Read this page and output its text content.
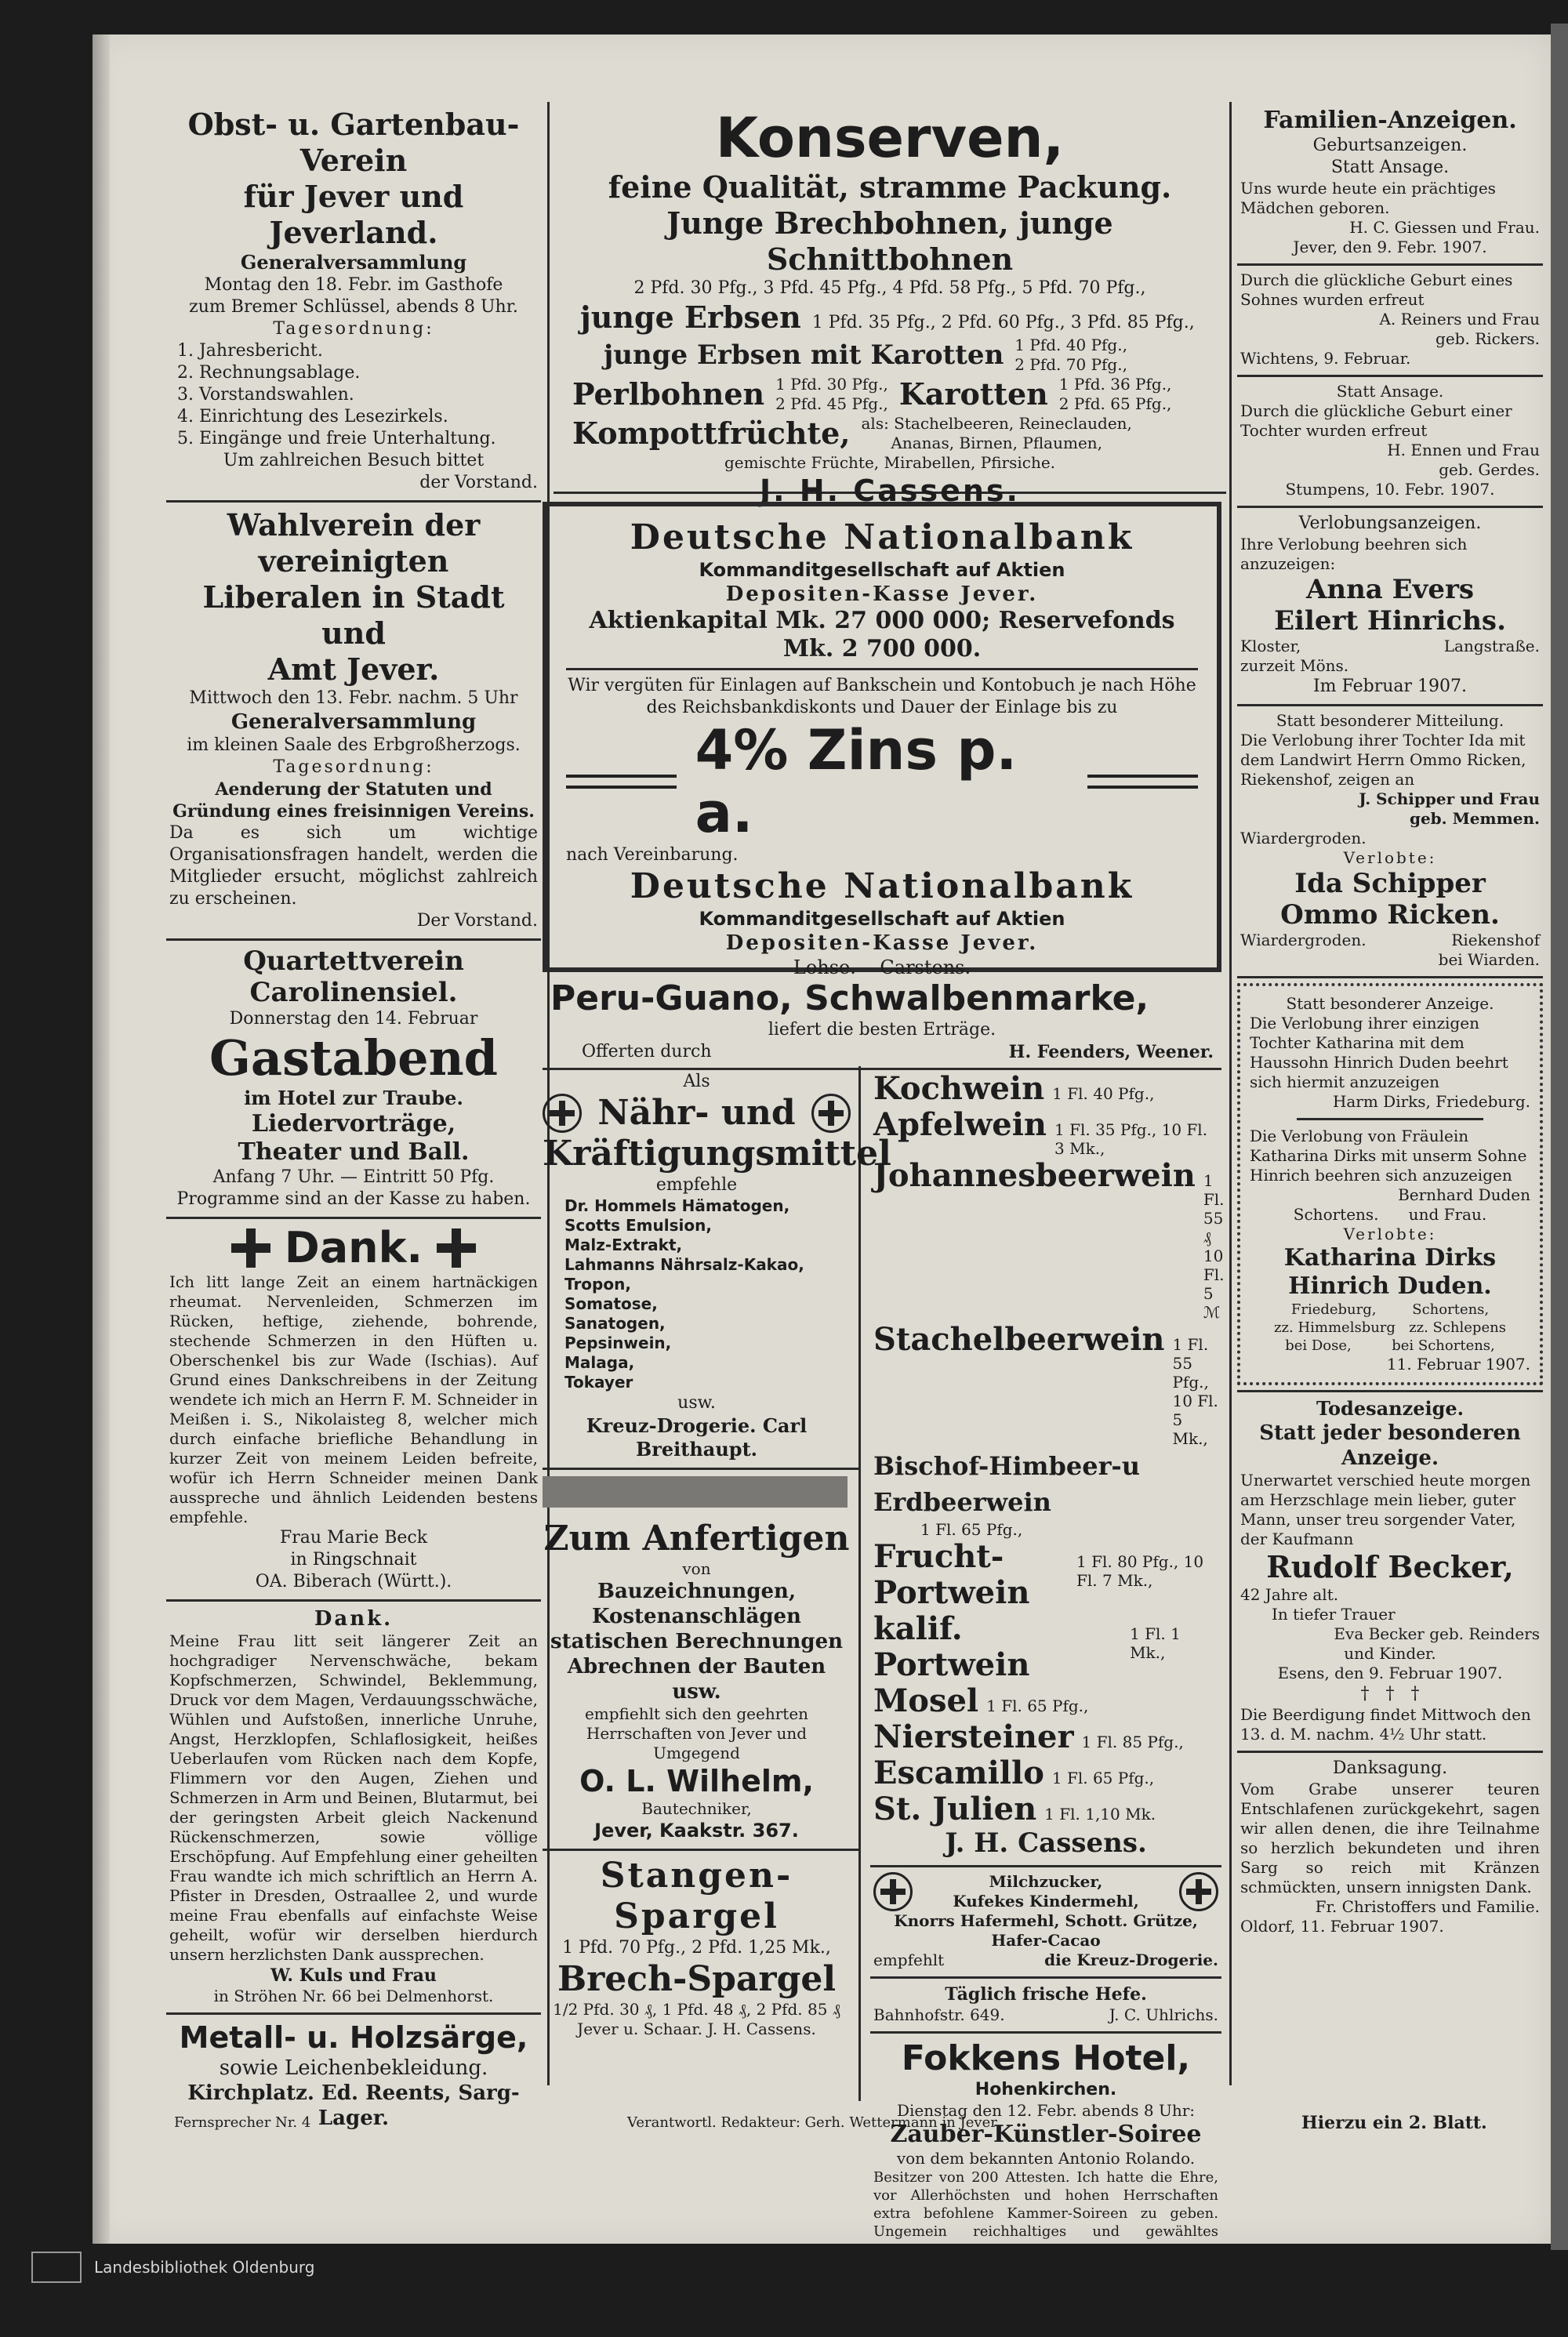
Obst- u. Gartenbau-Verein
für Jever und Jeverland.
Generalversammlung
Montag den 18. Febr. im Gasthofe
zum Bremer Schlüssel, abends 8 Uhr.
Tagesordnung:
1. Jahresbericht.
2. Rechnungsablage.
3. Vorstandswahlen.
4. Einrichtung des Lesezirkels.
5. Eingänge und freie Unterhaltung.
Um zahlreichen Besuch bittet
der Vorstand.
Wahlverein der vereinigten
Liberalen in Stadt und
Amt Jever.
Mittwoch den 13. Febr. nachm. 5 Uhr
Generalversammlung
im kleinen Saale des Erbgroßherzogs.
Tagesordnung:
Aenderung der Statuten und Gründung eines freisinnigen Vereins.
Da es sich um wichtige Organisationsfragen handelt, werden die Mitglieder ersucht, möglichst zahlreich zu erscheinen.
Der Vorstand.
Quartettverein Carolinensiel.
Donnerstag den 14. Februar
Gastabend
im Hotel zur Traube.
Liedervorträge,
Theater und Ball.
Anfang 7 Uhr. — Eintritt 50 Pfg.
Programme sind an der Kasse zu haben.
Dank.
Ich litt lange Zeit an einem hartnäckigen rheumat. Nervenleiden, Schmerzen im Rücken, heftige, ziehende, bohrende, stechende Schmerzen in den Hüften u. Oberschenkel bis zur Wade (Ischias). Auf Grund eines Dankschreibens in der Zeitung wendete ich mich an Herrn F. M. Schneider in Meißen i. S., Nikolaisteg 8, welcher mich durch einfache briefliche Behandlung in kurzer Zeit von meinem Leiden befreite, wofür ich Herrn Schneider meinen Dank ausspreche und ähnlich Leidenden bestens empfehle.
Frau Marie Beck
in Ringschnait
OA. Biberach (Württ.).
Dank.
Meine Frau litt seit längerer Zeit an hochgradiger Nervenschwäche, bekam Kopfschmerzen, Schwindel, Beklemmung, Druck vor dem Magen, Verdauungsschwäche, Wühlen und Aufstoßen, innerliche Unruhe, Angst, Herzklopfen, Schlaflosigkeit, heißes Ueberlaufen vom Rücken nach dem Kopfe, Flimmern vor den Augen, Ziehen und Schmerzen in Arm und Beinen, Blutarmut, bei der geringsten Arbeit gleich Nackenund Rückenschmerzen, sowie völlige Erschöpfung. Auf Empfehlung einer geheilten Frau wandte ich mich schriftlich an Herrn A. Pfister in Dresden, Ostraallee 2, und wurde meine Frau ebenfalls auf einfachste Weise geheilt, wofür wir derselben hierdurch unsern herzlichsten Dank aussprechen.
W. Kuls und Frau
in Ströhen Nr. 66 bei Delmenhorst.
Metall- u. Holzsärge,
sowie Leichenbekleidung.
Kirchplatz. Ed. Reents, Sarg-Lager.
Konserven,
feine Qualität, stramme Packung.
Junge Brechbohnen, junge Schnittbohnen
2 Pfd. 30 Pfg., 3 Pfd. 45 Pfg., 4 Pfd. 58 Pfg., 5 Pfd. 70 Pfg.,
junge Erbsen 1 Pfd. 35 Pfg., 2 Pfd. 60 Pfg., 3 Pfd. 85 Pfg.,
junge Erbsen mit Karotten 1 Pfd. 40 Pfg.,
2 Pfd. 70 Pfg.,
Perlbohnen 1 Pfd. 30 Pfg.,
2 Pfd. 45 Pfg., Karotten 1 Pfd. 36 Pfg.,
2 Pfd. 65 Pfg.,
Kompottfrüchte, als: Stachelbeeren, Reineclauden,
Ananas, Birnen, Pflaumen,
gemischte Früchte, Mirabellen, Pfirsiche.
J. H. Cassens.
Deutsche Nationalbank
Kommanditgesellschaft auf Aktien
Depositen-Kasse Jever.
Aktienkapital Mk. 27 000 000; Reservefonds Mk. 2 700 000.
Wir vergüten für Einlagen auf Bankschein und Kontobuch je nach Höhe des Reichsbankdiskonts und Dauer der Einlage bis zu
4% Zins p. a.
nach Vereinbarung.
Deutsche Nationalbank
Kommanditgesellschaft auf Aktien
Depositen-Kasse Jever.
Lohse.    Carstens.
Peru-Guano, Schwalbenmarke,
liefert die besten Erträge.
Offerten durch	H. Feenders, Weener.
Als
Nähr- und
Kräftigungsmittel
empfehle
Dr. Hommels Hämatogen,
Scotts Emulsion,
Malz-Extrakt,
Lahmanns Nährsalz-Kakao,
Tropon,
Somatose,
Sanatogen,
Pepsinwein,
Malaga,
Tokayer
usw.
Kreuz-Drogerie. Carl Breithaupt.
Zum Anfertigen
von
Bauzeichnungen, Kostenanschlägen
statischen Berechnungen
Abrechnen der Bauten usw.
empfiehlt sich den geehrten Herrschaften von Jever und Umgegend
O. L. Wilhelm,
Bautechniker,
Jever, Kaakstr. 367.
Stangen-Spargel
1 Pfd. 70 Pfg., 2 Pfd. 1,25 Mk.,
Brech-Spargel
1/2 Pfd. 30 ₰, 1 Pfd. 48 ₰, 2 Pfd. 85 ₰
Jever u. Schaar. J. H. Cassens.
Kochwein 1 Fl. 40 Pfg.,
Apfelwein 1 Fl. 35 Pfg., 10 Fl. 3 Mk.,
Johannesbeerwein 1 Fl. 55 ₰ 10 Fl. 5 ℳ
Stachelbeerwein 1 Fl. 55 Pfg., 10 Fl. 5 Mk.,
Bischof-Himbeer-u Erdbeerwein
1 Fl. 65 Pfg.,
Frucht-Portwein
1 Fl. 80 Pfg., 10 Fl. 7 Mk.,
kalif. Portwein
1 Fl. 1 Mk.,
Mosel 1 Fl. 65 Pfg.,
Niersteiner 1 Fl. 85 Pfg.,
Escamillo 1 Fl. 65 Pfg.,
St. Julien 1 Fl. 1,10 Mk.
J. H. Cassens.
Milchzucker,
Kufekes Kindermehl,
Knorrs Hafermehl, Schott. Grütze,
Hafer-Cacao
empfehlt	die Kreuz-Drogerie.
Täglich frische Hefe.
Bahnhofstr. 649.	J. C. Uhlrichs.
Fokkens Hotel,
Hohenkirchen.
Dienstag den 12. Febr. abends 8 Uhr:
Zauber-Künstler-Soiree
von dem bekannten Antonio Rolando.
Besitzer von 200 Attesten. Ich hatte die Ehre, vor Allerhöchsten und hohen Herrschaften extra befohlene Kammer-Soireen zu geben. Ungemein reichhaltiges und gewähltes Programm.
Preise der Plätze: Im Vorverkauf bei Herrn Fokken 1. Platz 60 Pfg., 2. Platz 40 Pfg. An der Kasse 1. Platz 75 Pfg., 2. Platz 50 Pfg. Kinder die Hälfte. Programm an der Kasse.
Familien-Anzeigen.
Geburtsanzeigen.
Statt Ansage.
Uns wurde heute ein prächtiges Mädchen geboren.
H. C. Giessen und Frau.
Jever, den 9. Febr. 1907.
Durch die glückliche Geburt eines Sohnes wurden erfreut
A. Reiners und Frau
geb. Rickers.
Wichtens, 9. Februar.
Statt Ansage.
Durch die glückliche Geburt einer Tochter wurden erfreut
H. Ennen und Frau
geb. Gerdes.
Stumpens, 10. Febr. 1907.
Verlobungsanzeigen.
Ihre Verlobung beehren sich anzuzeigen:
Anna Evers
Eilert Hinrichs.
Kloster,	Langstraße.
zurzeit Möns.
Im Februar 1907.
Statt besonderer Mitteilung.
Die Verlobung ihrer Tochter Ida mit dem Landwirt Herrn Ommo Ricken, Riekenshof, zeigen an
J. Schipper und Frau
geb. Memmen.
Wiardergroden.
Verlobte:
Ida Schipper
Ommo Ricken.
Wiardergroden.	Riekenshof
bei Wiarden.
Statt besonderer Anzeige.
Die Verlobung ihrer einzigen Tochter Katharina mit dem Haussohn Hinrich Duden beehrt sich hiermit anzuzeigen
Harm Dirks, Friedeburg.
Die Verlobung von Fräulein Katharina Dirks mit unserm Sohne Hinrich beehren sich anzuzeigen
Bernhard Duden
Schortens.      und Frau.
Verlobte:
Katharina Dirks
Hinrich Duden.
Friedeburg,        Schortens,
zz. Himmelsburg   zz. Schlepens
bei Dose,         bei Schortens,
11. Februar 1907.
Todesanzeige.
Statt jeder besonderen Anzeige.
Unerwartet verschied heute morgen am Herzschlage mein lieber, guter Mann, unser treu sorgender Vater, der Kaufmann
Rudolf Becker,
42 Jahre alt.
In tiefer Trauer
Eva Becker geb. Reinders
und Kinder.
Esens, den 9. Februar 1907.
†   †   †
Die Beerdigung findet Mittwoch den 13. d. M. nachm. 4½ Uhr statt.
Danksagung.
Vom Grabe unserer teuren Entschlafenen zurückgekehrt, sagen wir allen denen, die ihre Teilnahme so herzlich bekundeten und ihren Sarg so reich mit Kränzen schmückten, unsern innigsten Dank.
Fr. Christoffers und Familie.
Oldorf, 11. Februar 1907.
Fernsprecher Nr. 4	Verantwortl. Redakteur: Gerh. Wettermann in Jever.	Hierzu ein 2. Blatt.
Landesbibliothek Oldenburg
